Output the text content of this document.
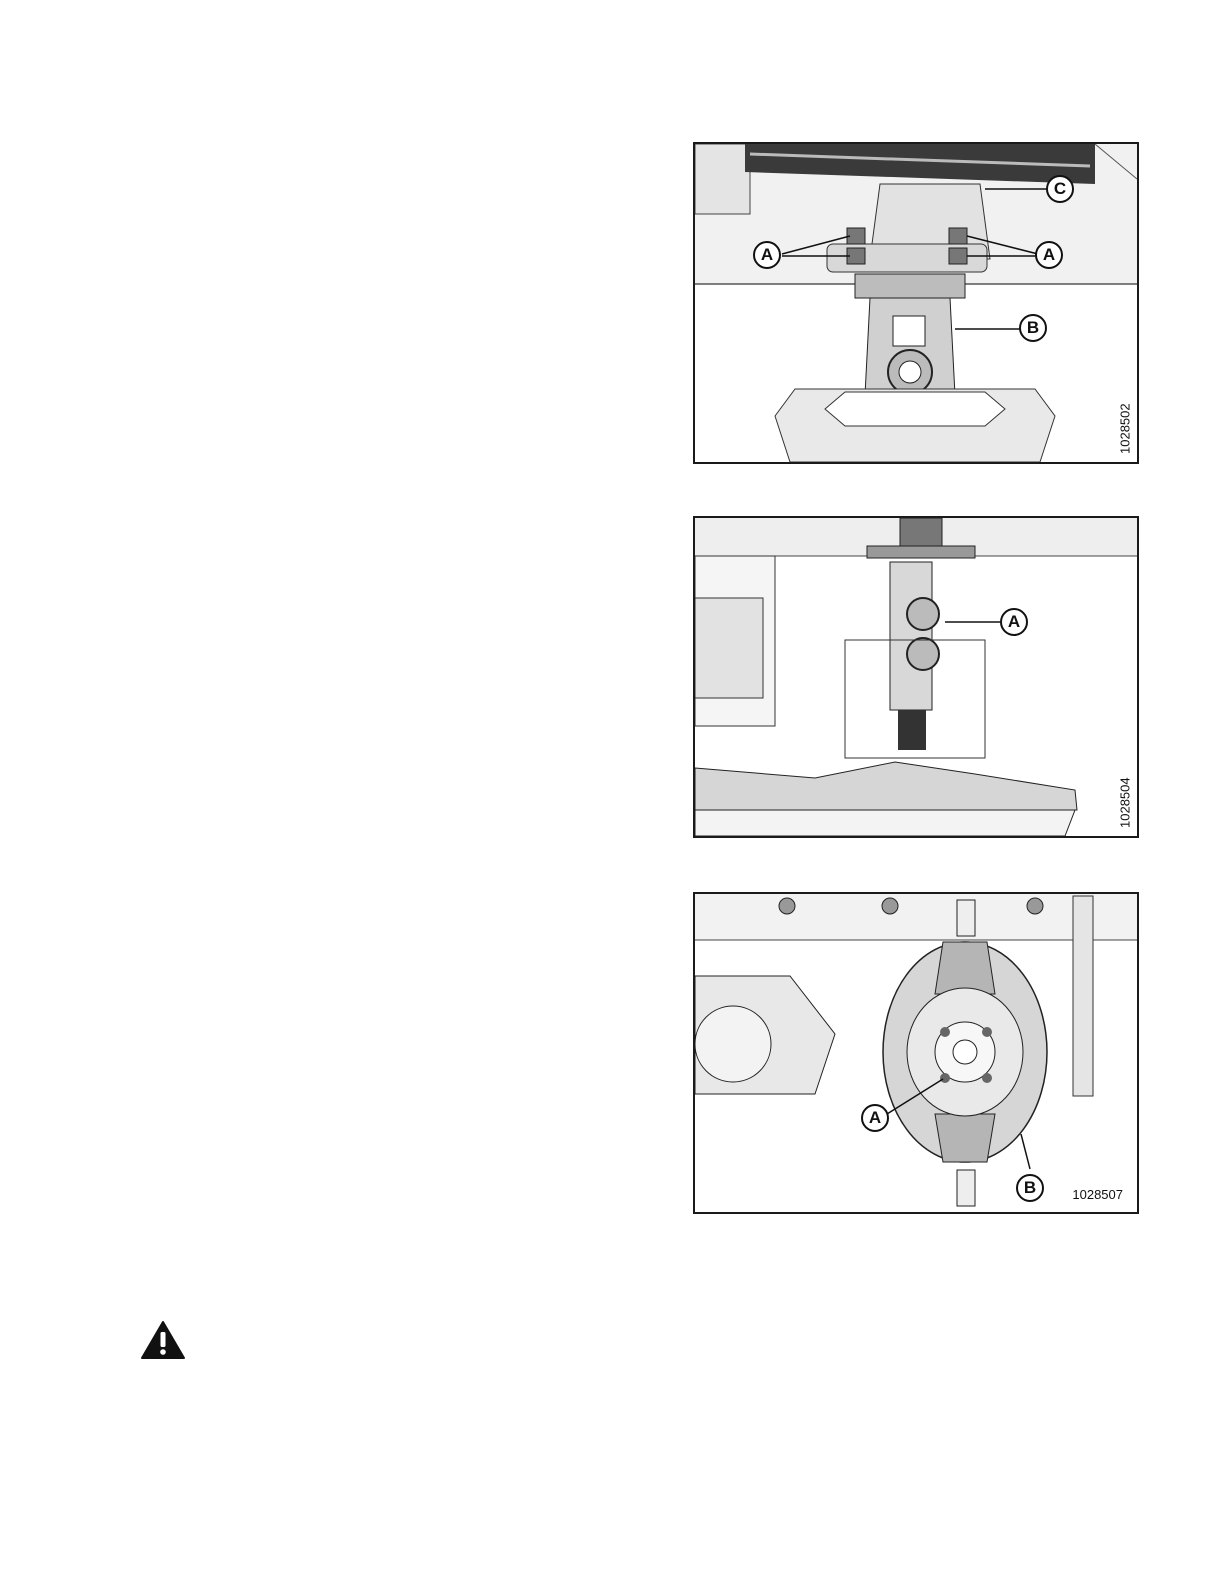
A	A
B
C
1028502
A
1028504
A
B	1028507
